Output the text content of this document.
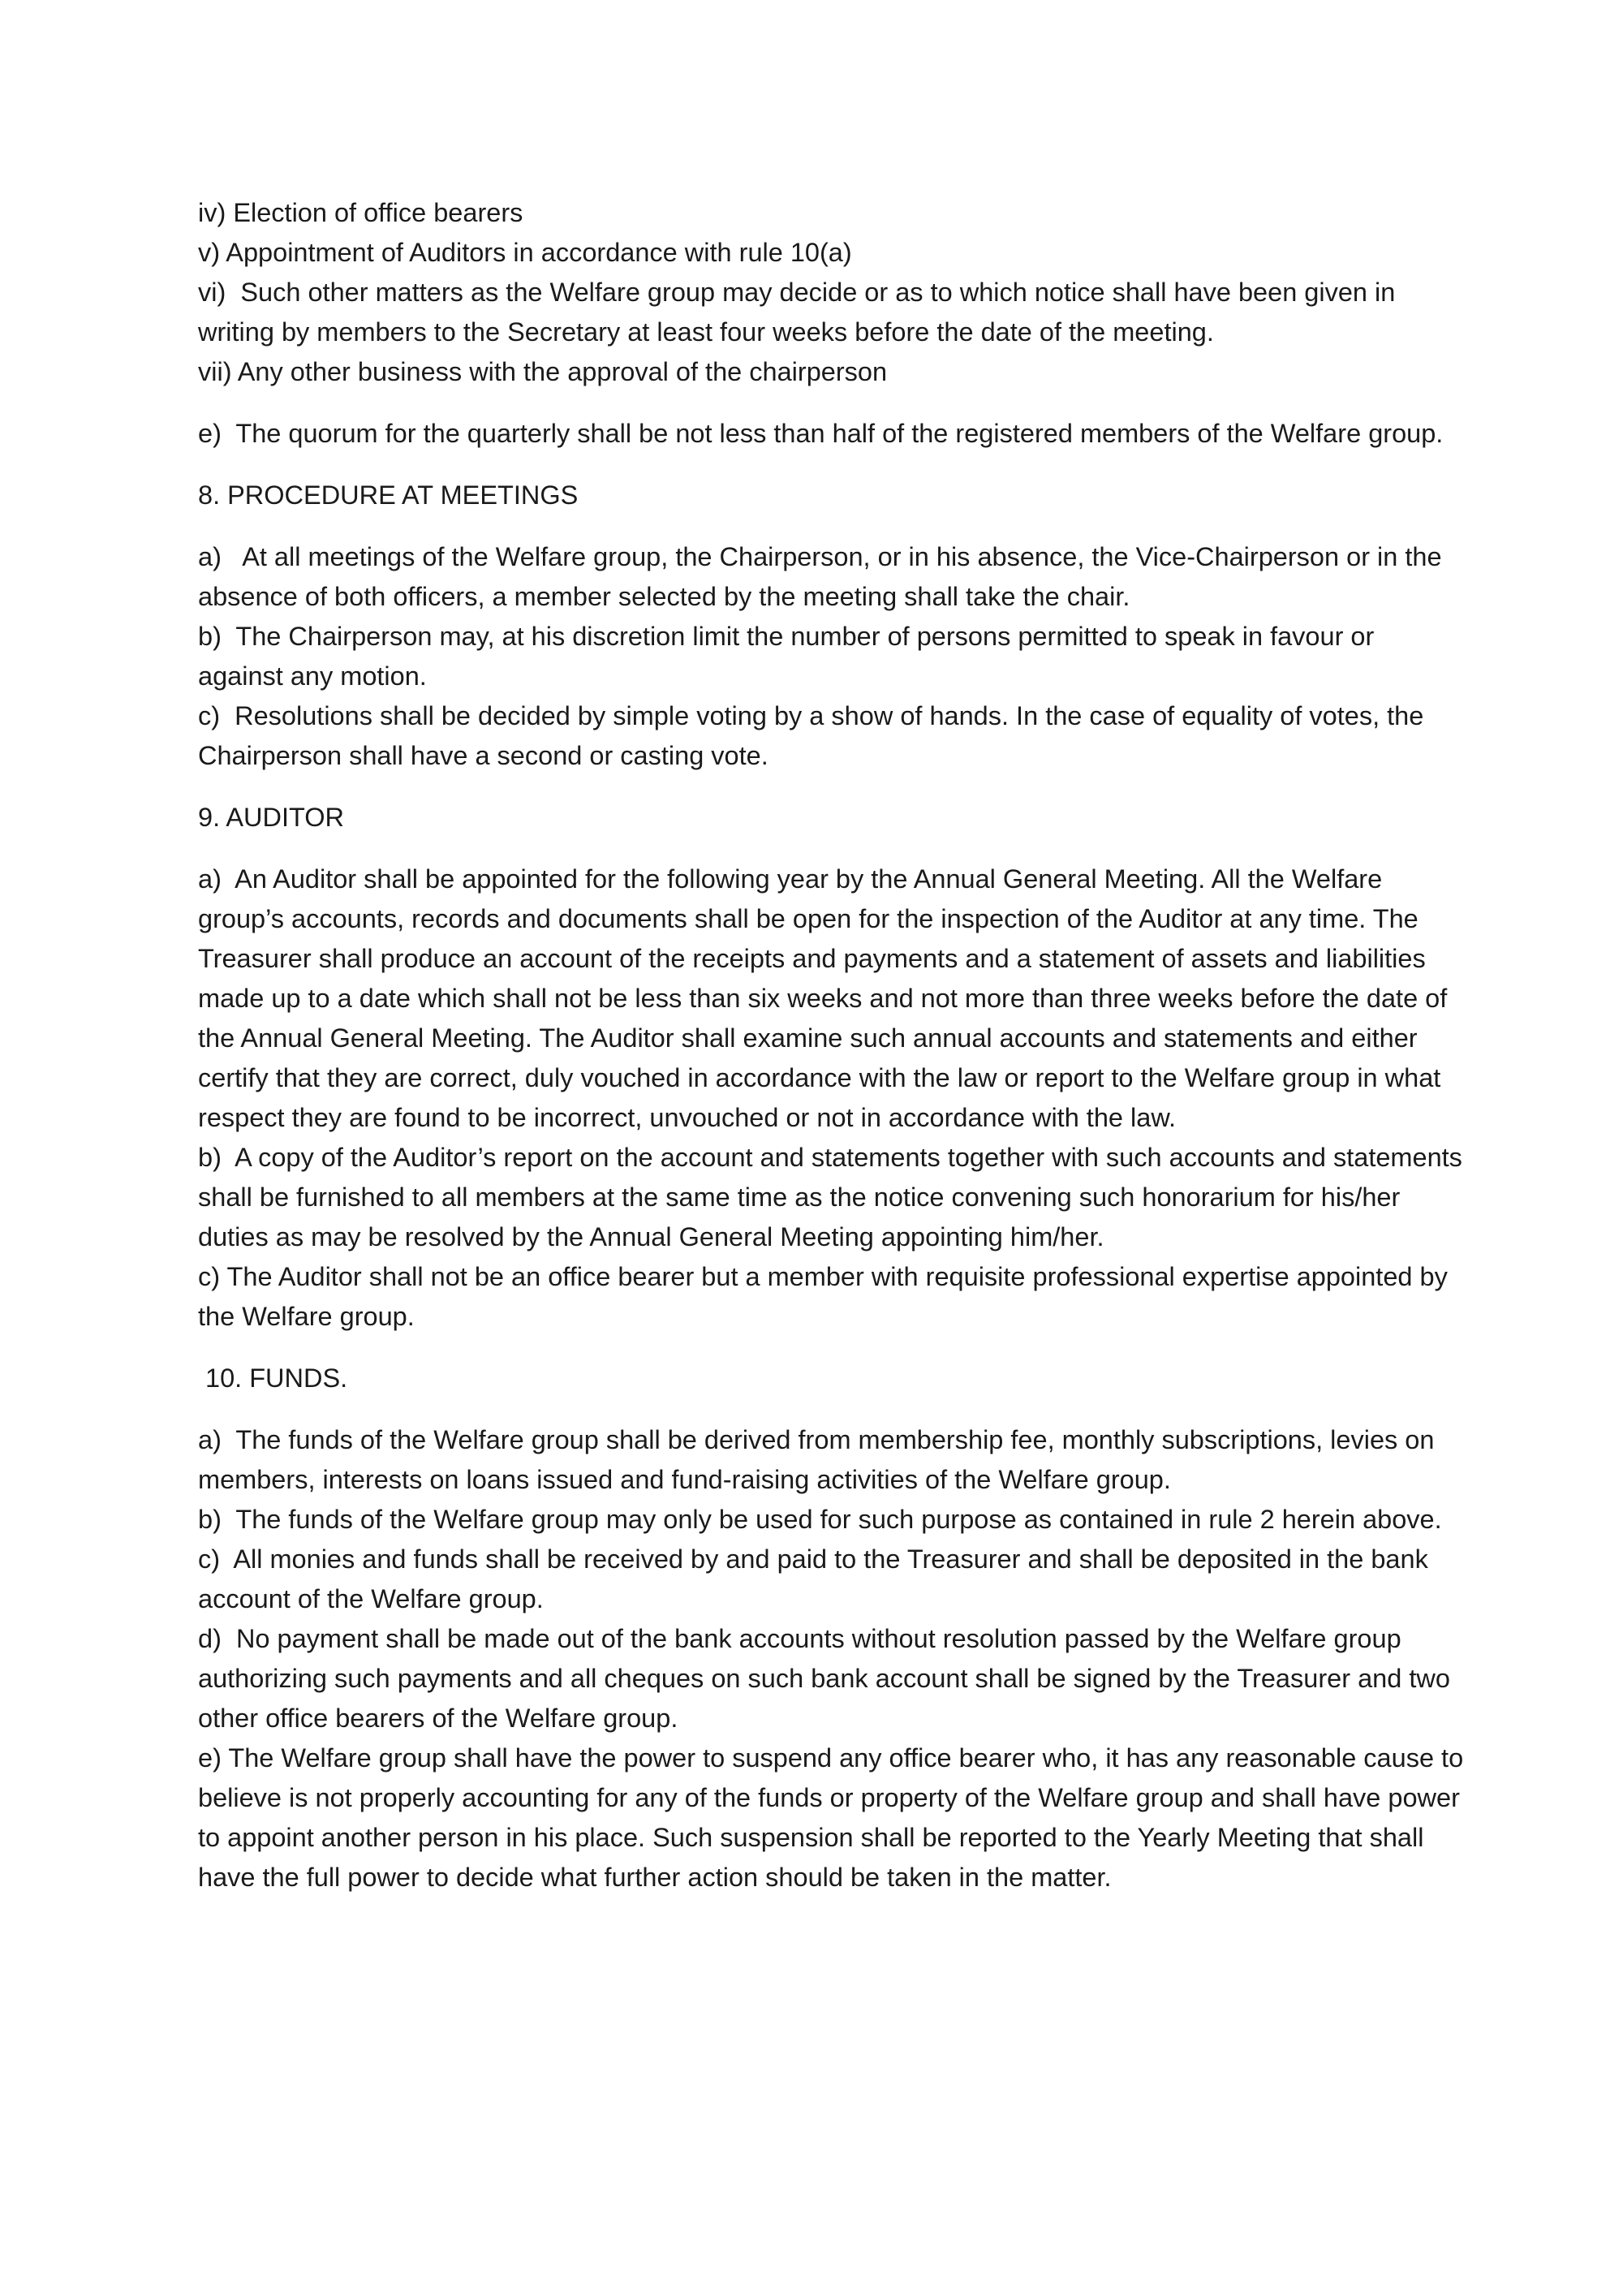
iv) Election of office bearers

v) Appointment of Auditors in accordance with rule 10(a)

vi)  Such other matters as the Welfare group may decide or as to which notice shall have been given in writing by members to the Secretary at least four weeks before the date of the meeting.

vii) Any other business with the approval of the chairperson

e)  The quorum for the quarterly shall be not less than half of the registered members of the Welfare group.

8. PROCEDURE AT MEETINGS

a)   At all meetings of the Welfare group, the Chairperson, or in his absence, the Vice-Chairperson or in the absence of both officers, a member selected by the meeting shall take the chair.

b)  The Chairperson may, at his discretion limit the number of persons permitted to speak in favour or against any motion.

c)  Resolutions shall be decided by simple voting by a show of hands. In the case of equality of votes, the Chairperson shall have a second or casting vote.

9. AUDITOR

a)  An Auditor shall be appointed for the following year by the Annual General Meeting. All the Welfare group’s accounts, records and documents shall be open for the inspection of the Auditor at any time. The Treasurer shall produce an account of the receipts and payments and a statement of assets and liabilities made up to a date which shall not be less than six weeks and not more than three weeks before the date of the Annual General Meeting. The Auditor shall examine such annual accounts and statements and either certify that they are correct, duly vouched in accordance with the law or report to the Welfare group in what respect they are found to be incorrect, unvouched or not in accordance with the law.

b)  A copy of the Auditor’s report on the account and statements together with such accounts and statements shall be furnished to all members at the same time as the notice convening such honorarium for his/her duties as may be resolved by the Annual General Meeting appointing him/her.

c) The Auditor shall not be an office bearer but a member with requisite professional expertise appointed by the Welfare group.

10. FUNDS.

a)  The funds of the Welfare group shall be derived from membership fee, monthly subscriptions, levies on members, interests on loans issued and fund-raising activities of the Welfare group.

b)  The funds of the Welfare group may only be used for such purpose as contained in rule 2 herein above.

c)  All monies and funds shall be received by and paid to the Treasurer and shall be deposited in the bank account of the Welfare group.

d)  No payment shall be made out of the bank accounts without resolution passed by the Welfare group authorizing such payments and all cheques on such bank account shall be signed by the Treasurer and two other office bearers of the Welfare group.

e) The Welfare group shall have the power to suspend any office bearer who, it has any reasonable cause to believe is not properly accounting for any of the funds or property of the Welfare group and shall have power to appoint another person in his place. Such suspension shall be reported to the Yearly Meeting that shall have the full power to decide what further action should be taken in the matter.
